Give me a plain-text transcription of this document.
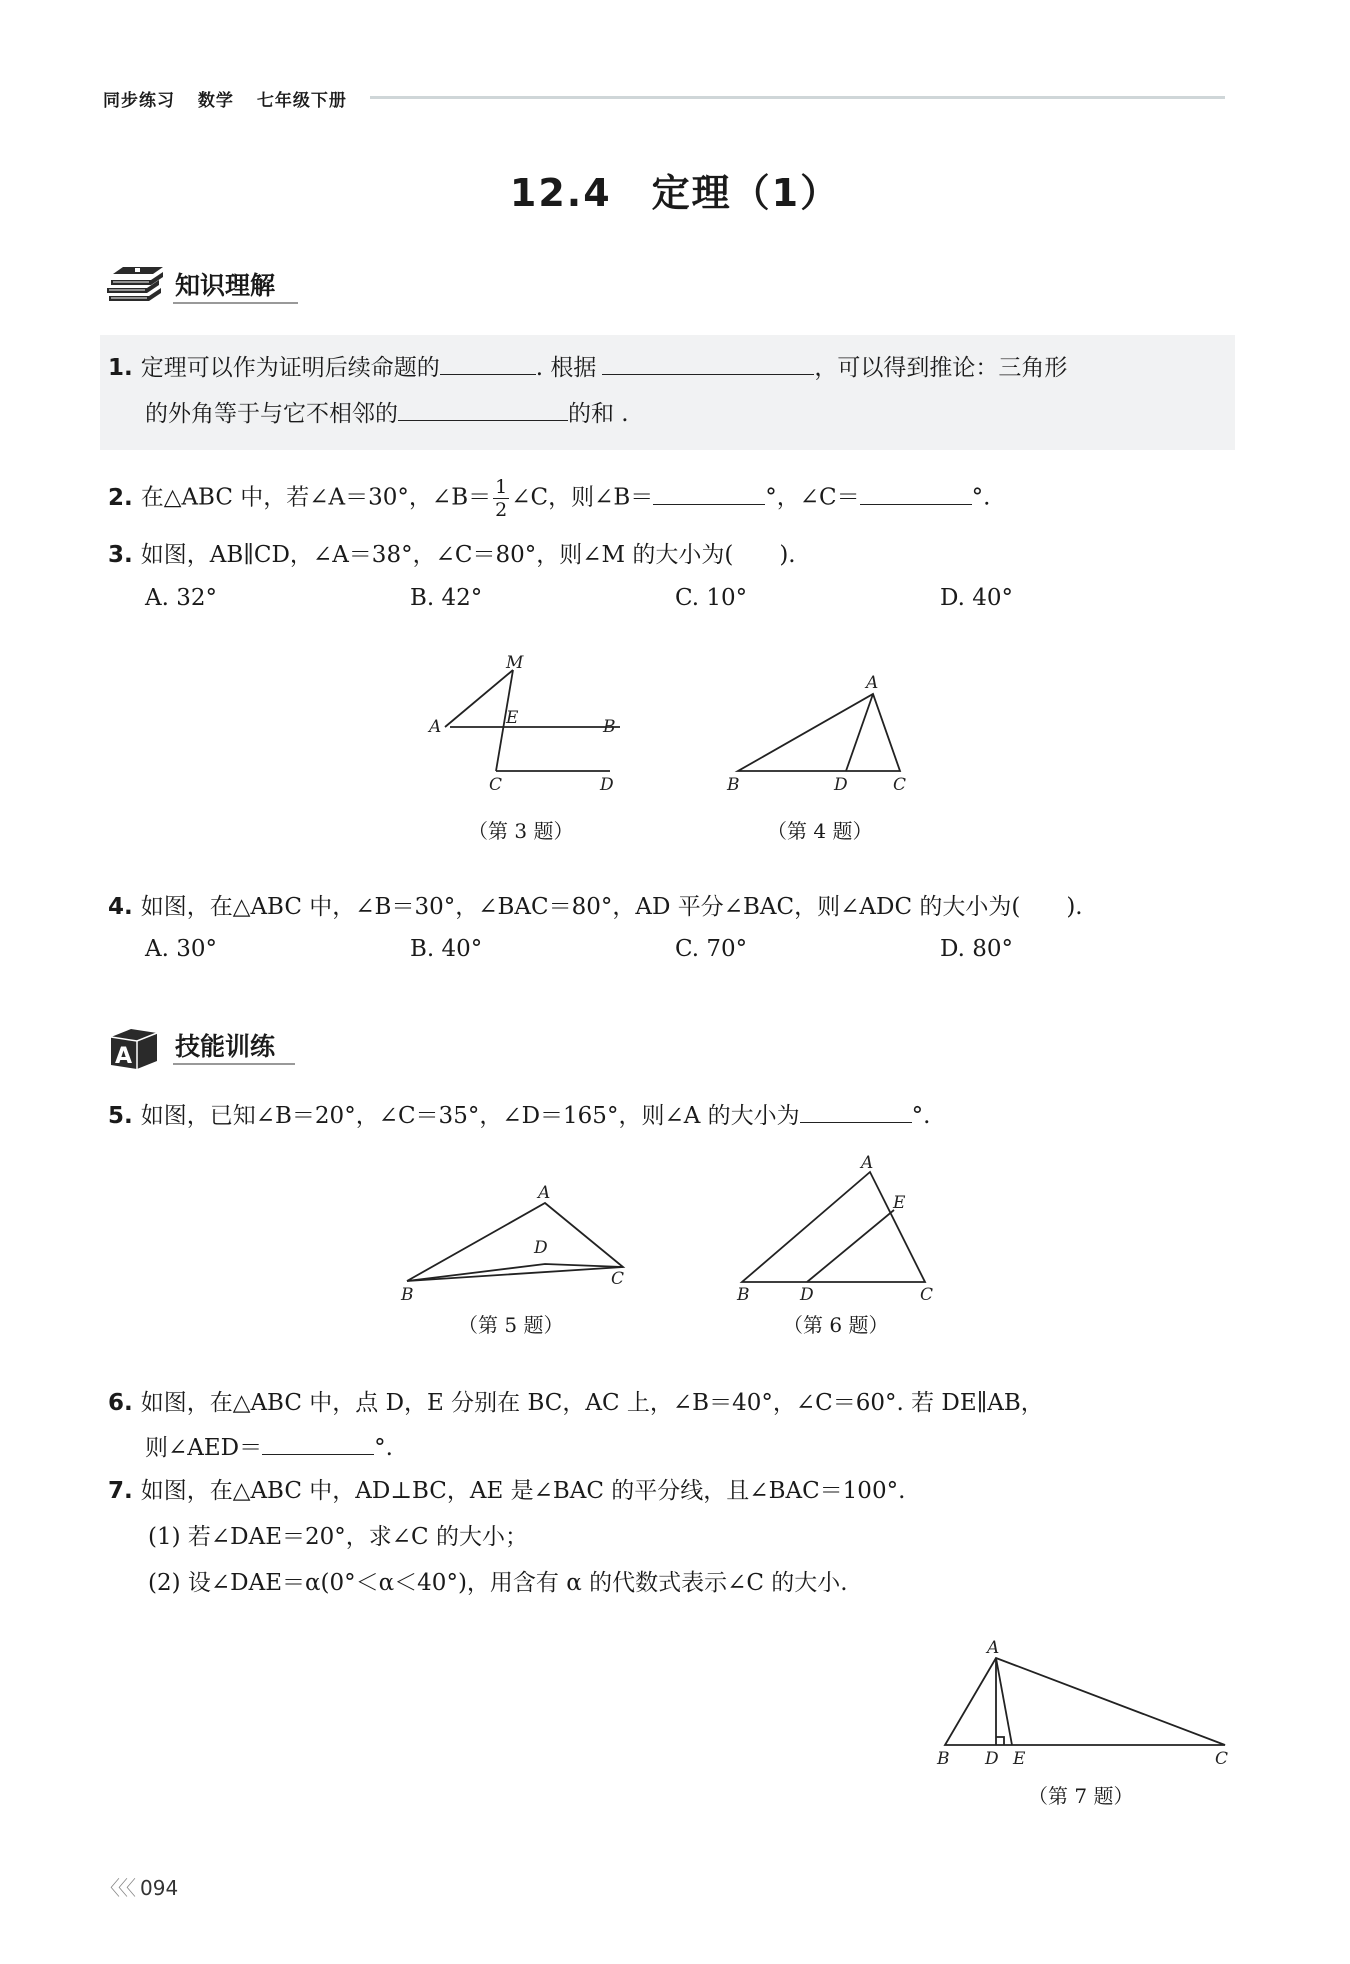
同步练习 数学 七年级下册
12.4　定理（1）
知识理解
1. 定理可以作为证明后续命题的	. 根据	，可以得到推论：三角形
的外角等于与它不相邻的	的和 .
2. 在△ABC 中，若∠A＝30°，∠B＝ $\frac{1}{2}$ ∠C，则∠B＝	°，∠C＝	°.
3. 如图，AB∥CD，∠A＝38°，∠C＝80°，则∠M 的大小为(　　).
A. 32°	B. 42°	C. 10°	D. 40°
4. 如图，在△ABC 中，∠B＝30°，∠BAC＝80°，AD 平分∠BAC，则∠ADC 的大小为(　　).
A. 30°	B. 40°	C. 70°	D. 80°
A 技能训练
5. 如图，已知∠B＝20°，∠C＝35°，∠D＝165°，则∠A 的大小为	°.
6. 如图，在△ABC 中，点 D，E 分别在 BC，AC 上，∠B＝40°，∠C＝60°. 若 DE∥AB，
则∠AED＝	°.
7. 如图，在△ABC 中，AD⊥BC，AE 是∠BAC 的平分线，且∠BAC＝100°.
(1) 若∠DAE＝20°，求∠C 的大小；
(2) 设∠DAE＝α(0°＜α＜40°)，用含有 α 的代数式表示∠C 的大小.
M
A	E	B
C	D
A
B	D	C
A
D
B
C
A
E
B	D	C
A
B D E	C
（第 3 题）	（第 4 题）
（第 5 题）	（第 6 题）
（第 7 题）
〈〈〈 094
